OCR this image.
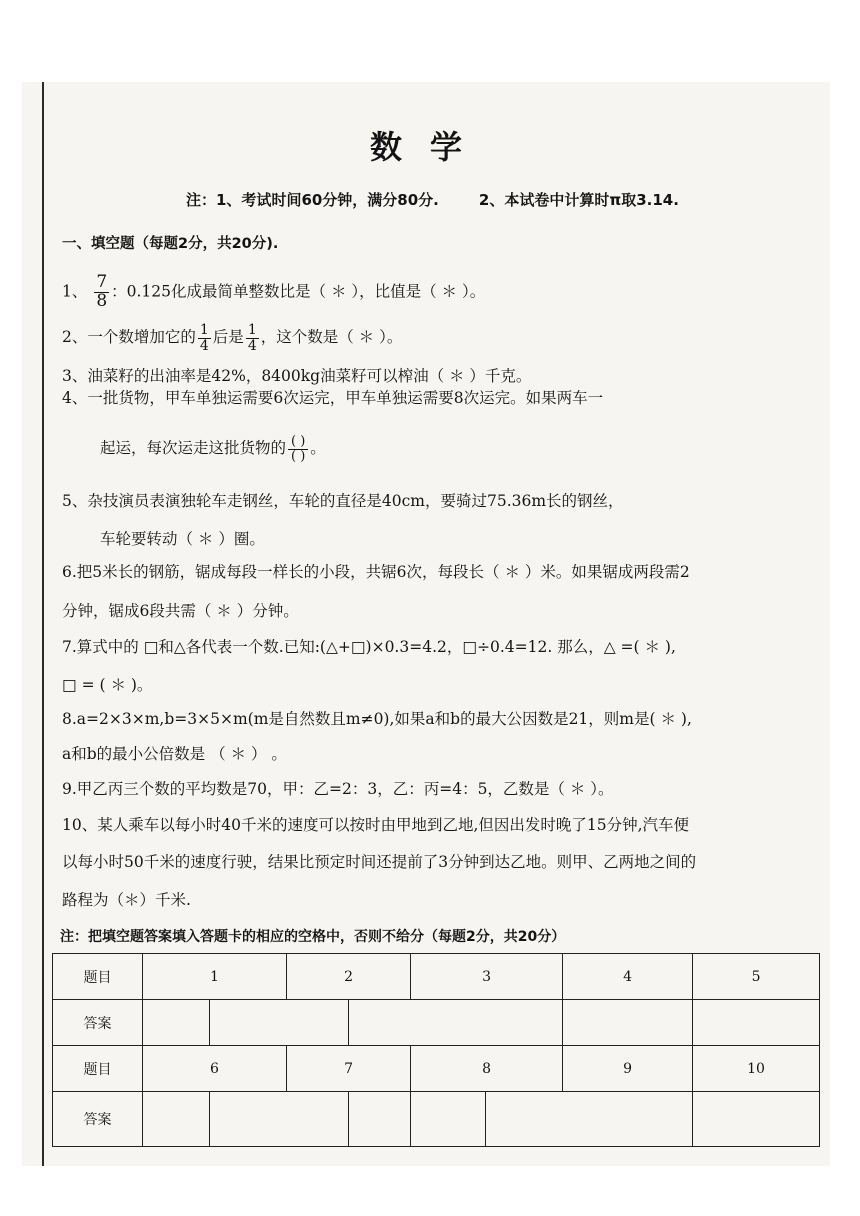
数学
注：1、考试时间60分钟，满分80分.	2、本试卷中计算时π取3.14.
一、填空题（每题2分，共20分).
1、 $\frac{7}{8}$ ：0.125化成最简单整数比是（ ＊ ），比值是（ ＊ ）。
2、一个数增加它的 $\frac{1}{4}$ 后是 $\frac{1}{4}$ ，这个数是（ ＊ ）。
3、油菜籽的出油率是42%，8400kg油菜籽可以榨油（ ＊ ）千克。
4、一批货物，甲车单独运需要6次运完，甲车单独运需要8次运完。如果两车一
起运，每次运走这批货物的 $\frac{( )}{( )}$ 。
5、杂技演员表演独轮车走钢丝，车轮的直径是40cm，要骑过75.36m长的钢丝，
车轮要转动（ ＊ ）圈。
6.把5米长的钢筋，锯成每段一样长的小段，共锯6次，每段长（ ＊ ）米。如果锯成两段需2
分钟，锯成6段共需（ ＊ ）分钟。
7.算式中的 □和△各代表一个数.已知:(△+□)×0.3=4.2，□÷0.4=12. 那么，△ =( ＊ ),
□ = ( ＊ )。
8.a=2×3×m,b=3×5×m(m是自然数且m≠0),如果a和b的最大公因数是21，则m是( ＊ ),
a和b的最小公倍数是 （ ＊ ） 。
9.甲乙丙三个数的平均数是70，甲：乙=2：3，乙：丙=4：5，乙数是（ ＊ ）。
10、某人乘车以每小时40千米的速度可以按时由甲地到乙地,但因出发时晚了15分钟,汽车便
以每小时50千米的速度行驶，结果比预定时间还提前了3分钟到达乙地。则甲、乙两地之间的
路程为（＊）千米.
注：把填空题答案填入答题卡的相应的空格中，否则不给分（每题2分，共20分）
题目	1		2		3		4	5	
答案									
题目	6		7		8		9	10	
答案									
